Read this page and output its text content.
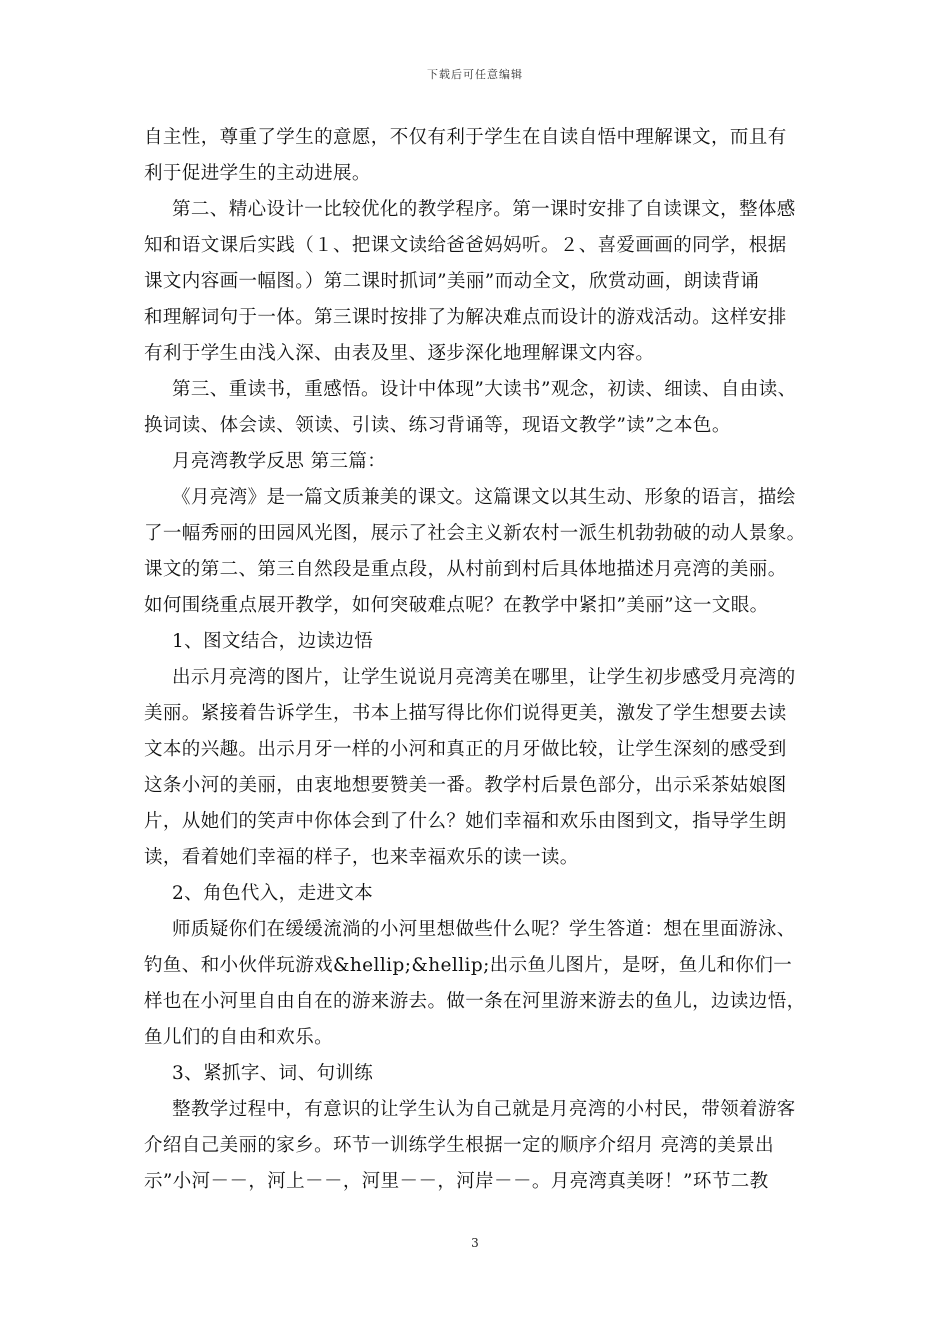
下载后可任意编辑
自主性，尊重了学生的意愿，不仅有利于学生在自读自悟中理解课文，而且有
利于促进学生的主动进展。
第二、精心设计一比较优化的教学程序。第一课时安排了自读课文，整体感
知和语文课后实践（１、把课文读给爸爸妈妈听。２、喜爱画画的同学，根据
课文内容画一幅图。）第二课时抓词”美丽”而动全文，欣赏动画，朗读背诵
和理解词句于一体。第三课时按排了为解决难点而设计的游戏活动。这样安排
有利于学生由浅入深、由表及里、逐步深化地理解课文内容。
第三、重读书，重感悟。设计中体现”大读书”观念，初读、细读、自由读、
换词读、体会读、领读、引读、练习背诵等，现语文教学”读”之本色。
月亮湾教学反思 第三篇：
《月亮湾》是一篇文质兼美的课文。这篇课文以其生动、形象的语言，描绘
了一幅秀丽的田园风光图，展示了社会主义新农村一派生机勃勃破的动人景象。
课文的第二、第三自然段是重点段，从村前到村后具体地描述月亮湾的美丽。
如何围绕重点展开教学，如何突破难点呢？在教学中紧扣”美丽”这一文眼。
1、图文结合，边读边悟
出示月亮湾的图片，让学生说说月亮湾美在哪里，让学生初步感受月亮湾的
美丽。紧接着告诉学生，书本上描写得比你们说得更美，激发了学生想要去读
文本的兴趣。出示月牙一样的小河和真正的月牙做比较，让学生深刻的感受到
这条小河的美丽，由衷地想要赞美一番。教学村后景色部分，出示采茶姑娘图
片，从她们的笑声中你体会到了什么？她们幸福和欢乐由图到文，指导学生朗
读，看着她们幸福的样子，也来幸福欢乐的读一读。
2、角色代入，走进文本
师质疑你们在缓缓流淌的小河里想做些什么呢？学生答道：想在里面游泳、
钓鱼、和小伙伴玩游戏&hellip;&hellip;出示鱼儿图片，是呀，鱼儿和你们一
样也在小河里自由自在的游来游去。做一条在河里游来游去的鱼儿，边读边悟，
鱼儿们的自由和欢乐。
3、紧抓字、词、句训练
整教学过程中，有意识的让学生认为自己就是月亮湾的小村民，带领着游客
介绍自己美丽的家乡。环节一训练学生根据一定的顺序介绍月 亮湾的美景出
示”小河－－，河上－－，河里－－，河岸－－。月亮湾真美呀！”环节二教
3
